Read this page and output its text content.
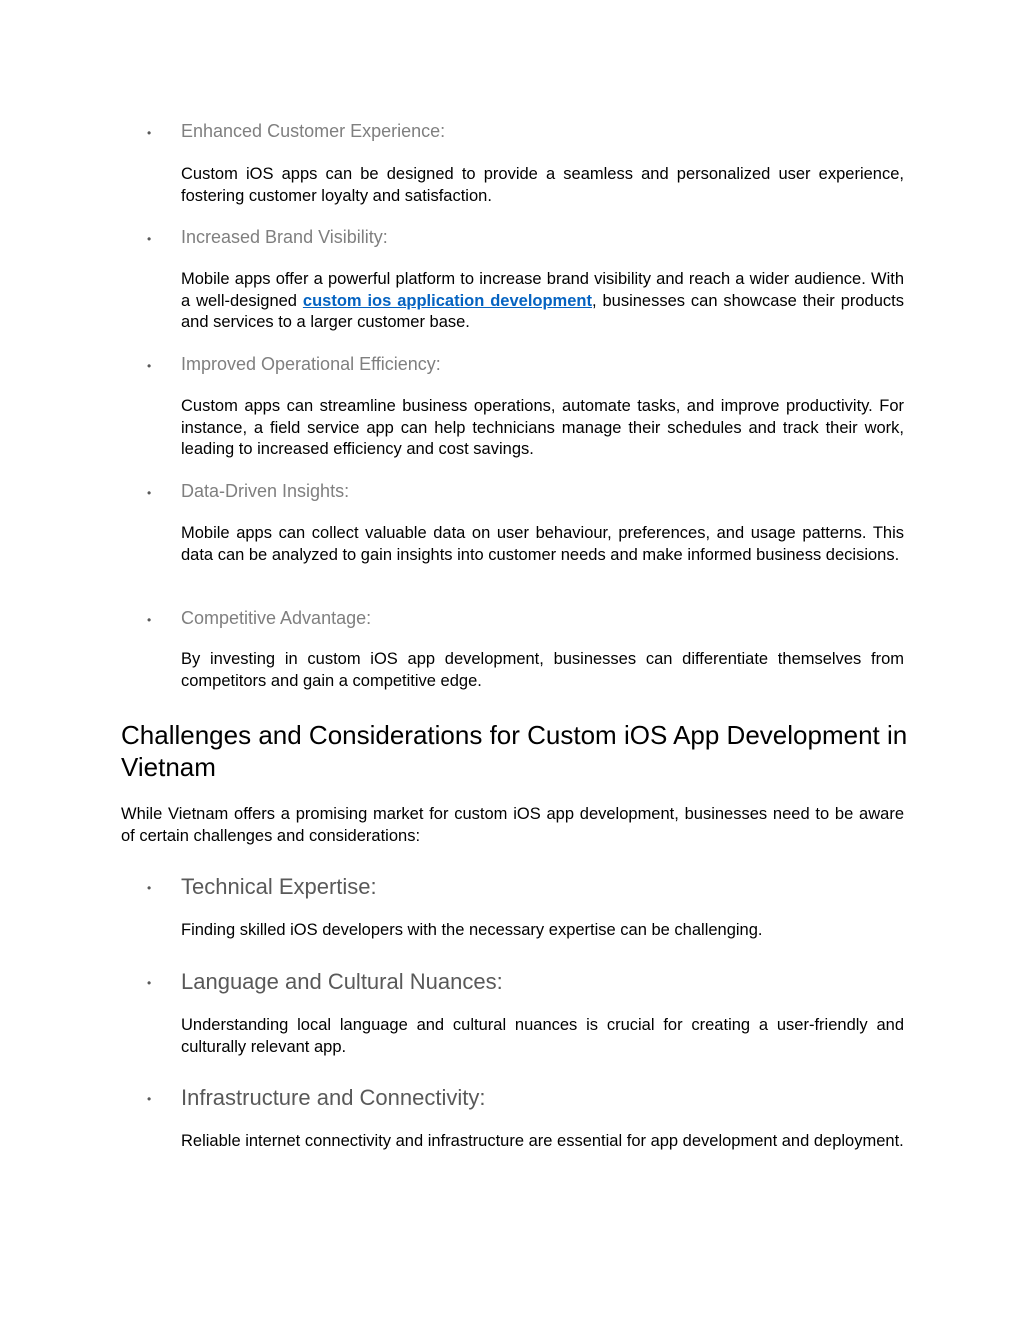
• Enhanced Customer Experience:

Custom iOS apps can be designed to provide a seamless and personalized user experience, fostering customer loyalty and satisfaction.

• Increased Brand Visibility:

Mobile apps offer a powerful platform to increase brand visibility and reach a wider audience. With a well-designed custom ios application development, businesses can showcase their products and services to a larger customer base.

• Improved Operational Efficiency:

Custom apps can streamline business operations, automate tasks, and improve productivity. For instance, a field service app can help technicians manage their schedules and track their work, leading to increased efficiency and cost savings.

• Data-Driven Insights:

Mobile apps can collect valuable data on user behaviour, preferences, and usage patterns. This data can be analyzed to gain insights into customer needs and make informed business decisions.

• Competitive Advantage:

By investing in custom iOS app development, businesses can differentiate themselves from competitors and gain a competitive edge.

Challenges and Considerations for Custom iOS App Development in Vietnam

While Vietnam offers a promising market for custom iOS app development, businesses need to be aware of certain challenges and considerations:

• Technical Expertise:

Finding skilled iOS developers with the necessary expertise can be challenging.

• Language and Cultural Nuances:

Understanding local language and cultural nuances is crucial for creating a user-friendly and culturally relevant app.

• Infrastructure and Connectivity:

Reliable internet connectivity and infrastructure are essential for app development and deployment.
